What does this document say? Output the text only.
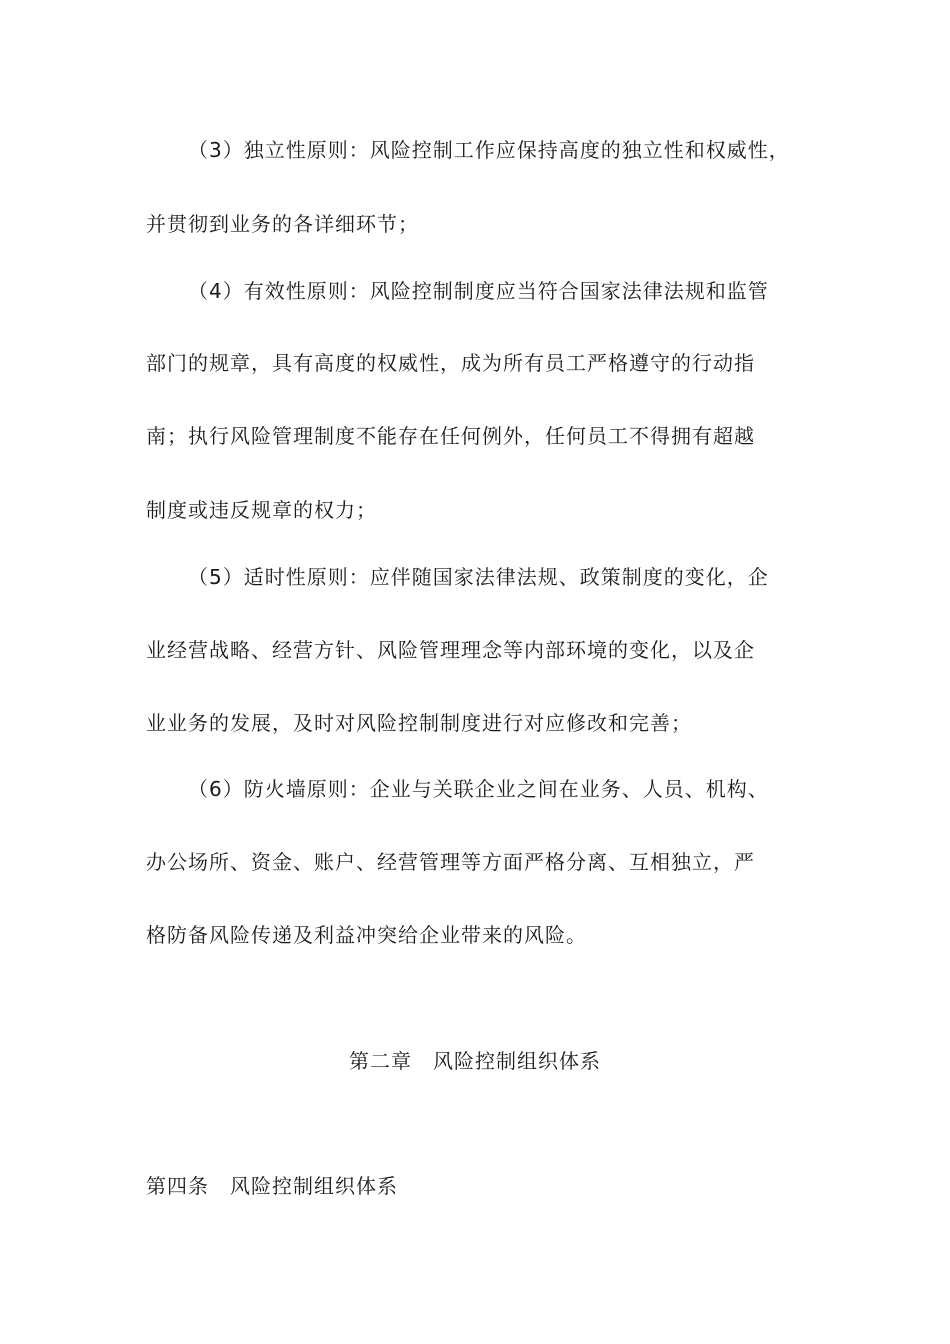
（3）独立性原则：风险控制工作应保持高度的独立性和权威性，
并贯彻到业务的各详细环节；
（4）有效性原则：风险控制制度应当符合国家法律法规和监管
部门的规章，具有高度的权威性，成为所有员工严格遵守的行动指
南；执行风险管理制度不能存在任何例外，任何员工不得拥有超越
制度或违反规章的权力；
（5）适时性原则：应伴随国家法律法规、政策制度的变化，企
业经营战略、经营方针、风险管理理念等内部环境的变化，以及企
业业务的发展，及时对风险控制制度进行对应修改和完善；
（6）防火墙原则：企业与关联企业之间在业务、人员、机构、
办公场所、资金、账户、经营管理等方面严格分离、互相独立，严
格防备风险传递及利益冲突给企业带来的风险。
第二章　风险控制组织体系
第四条　风险控制组织体系
